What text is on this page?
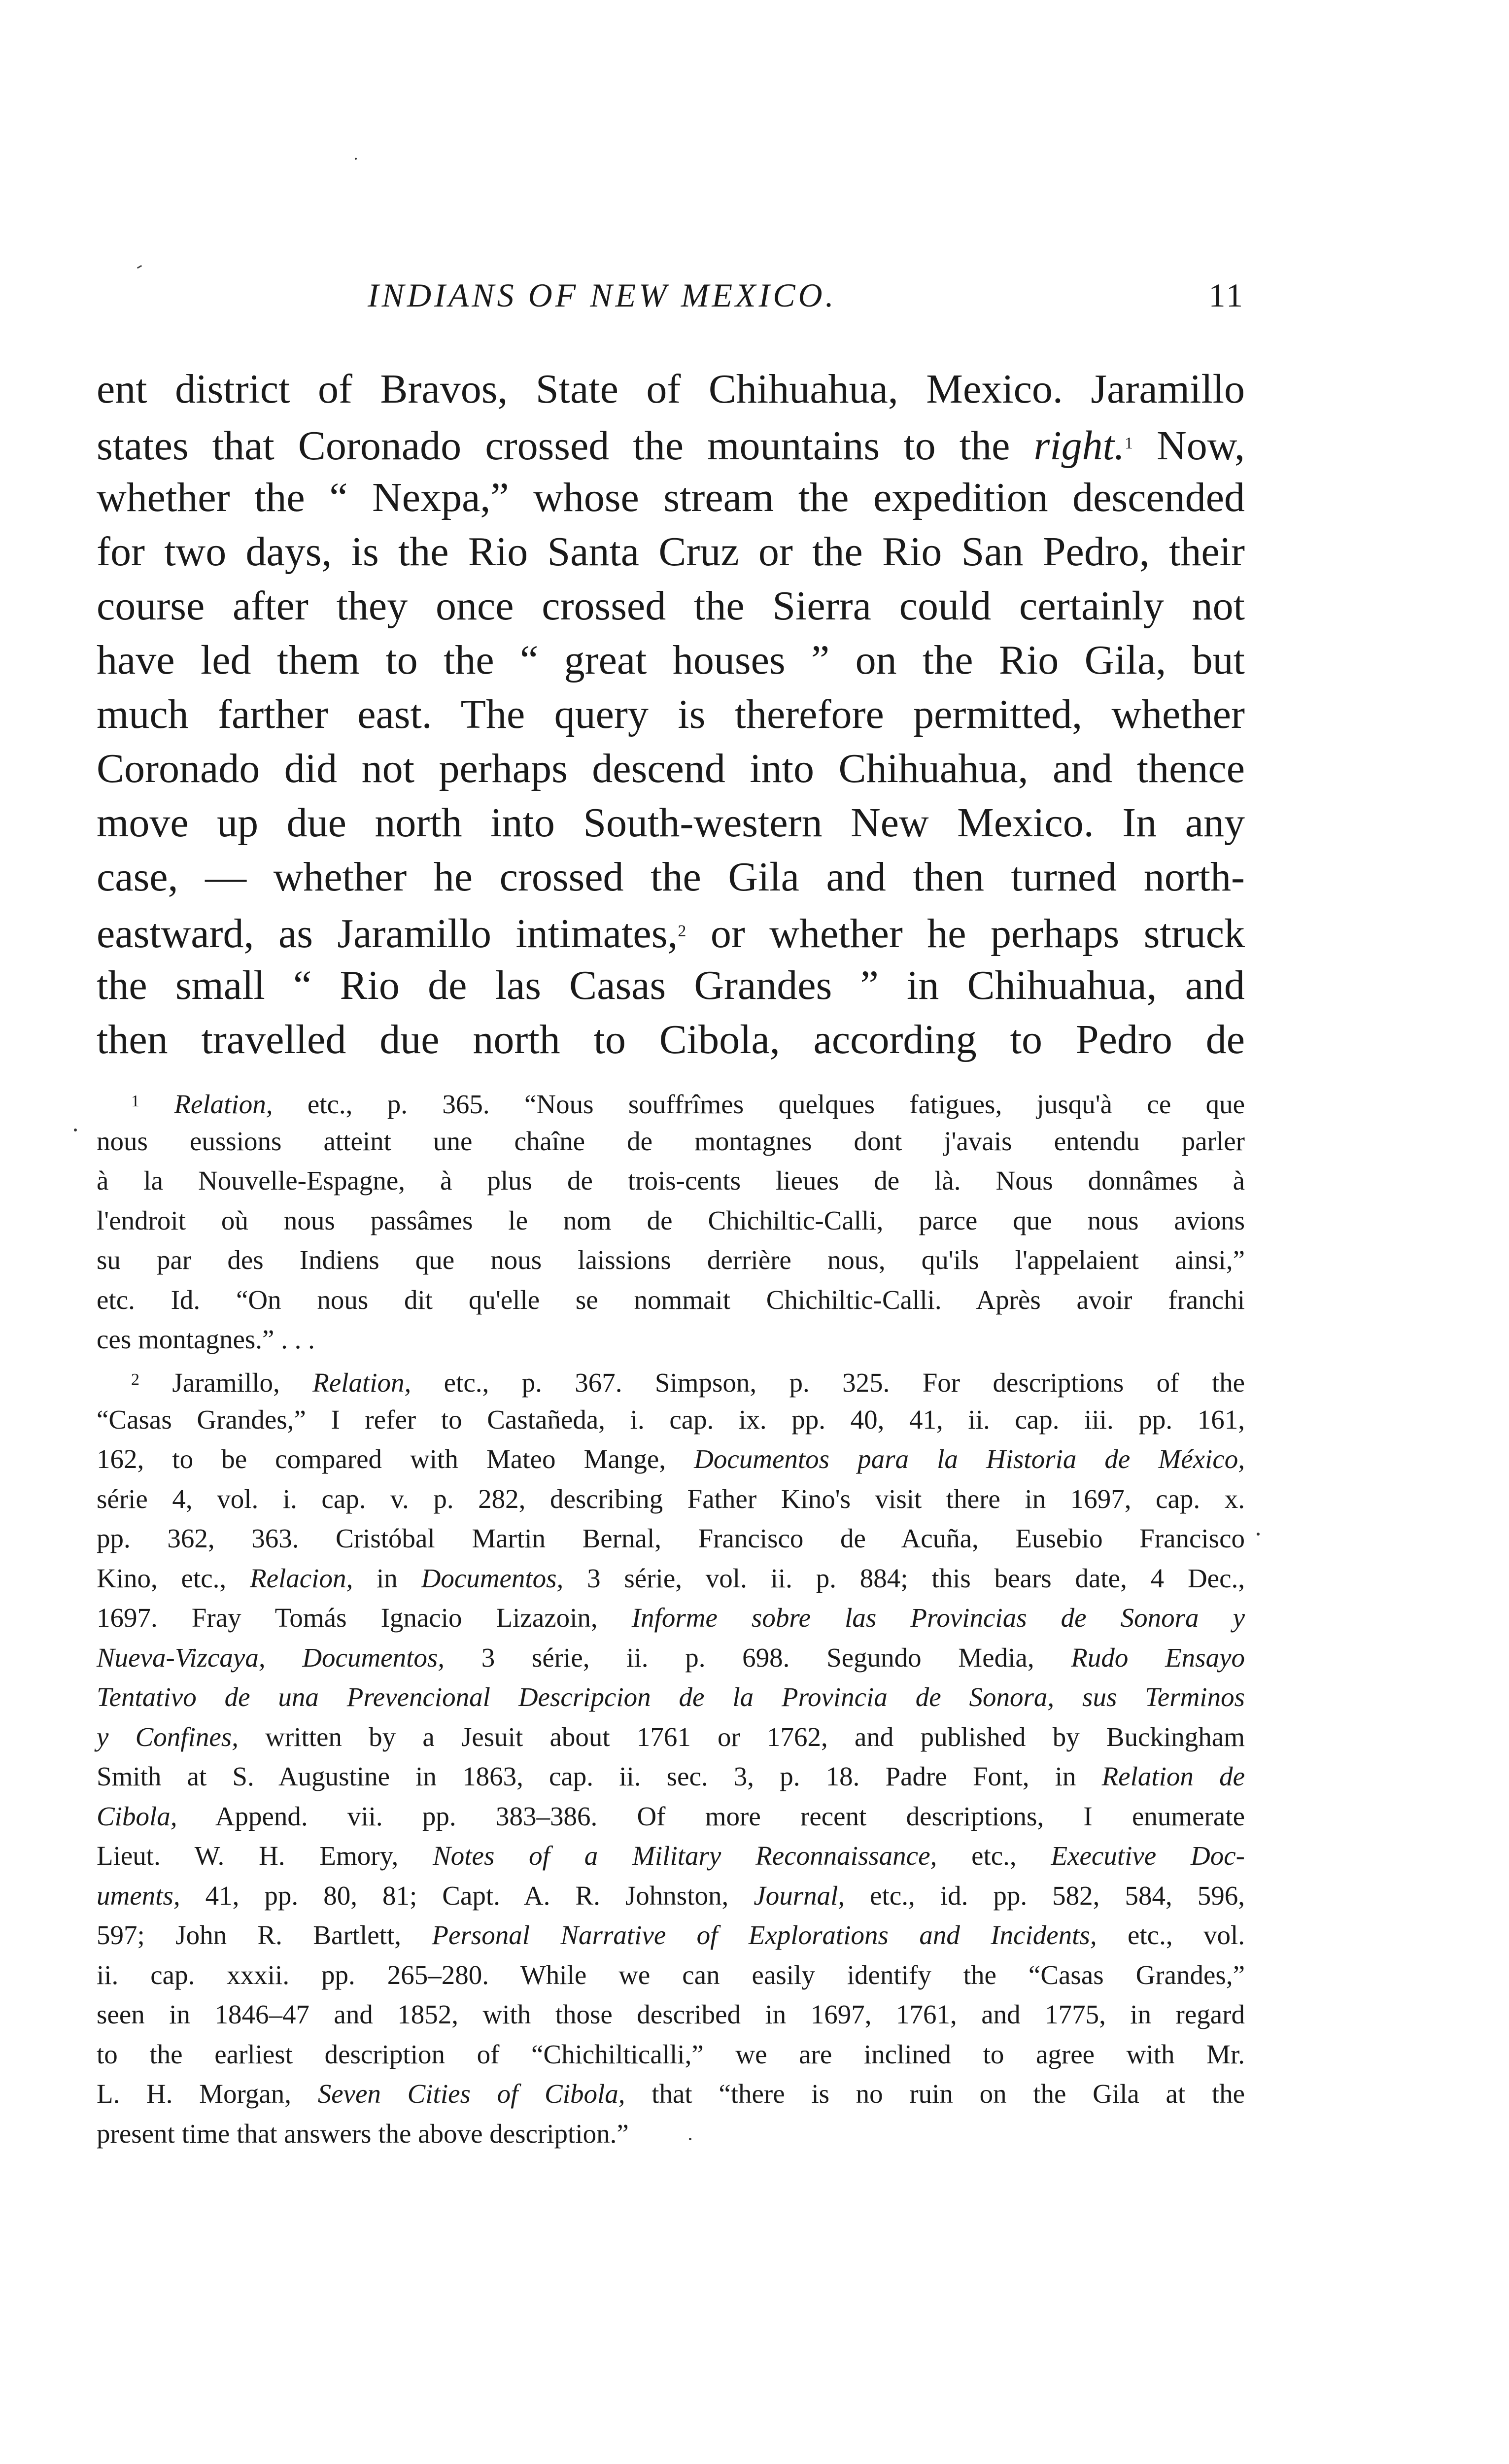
INDIANS OF NEW MEXICO.	11
ent district of Bravos, State of Chihuahua, Mexico. Jaramillo
states that Coronado crossed the mountains to the right.$^1$ Now,
whether the “ Nexpa,” whose stream the expedition descended
for two days, is the Rio Santa Cruz or the Rio San Pedro, their
course after they once crossed the Sierra could certainly not
have led them to the “ great houses ” on the Rio Gila, but
much farther east. The query is therefore permitted, whether
Coronado did not perhaps descend into Chihuahua, and thence
move up due north into South-western New Mexico. In any
case, — whether he crossed the Gila and then turned north-
eastward, as Jaramillo intimates,$^2$ or whether he perhaps struck
the small “ Rio de las Casas Grandes ” in Chihuahua, and
then travelled due north to Cibola, according to Pedro de
$^1$ Relation, etc., p. 365. “Nous souffrîmes quelques fatigues, jusqu'à ce que
nous eussions atteint une chaîne de montagnes dont j'avais entendu parler
à la Nouvelle-Espagne, à plus de trois-cents lieues de là. Nous donnâmes à
l'endroit où nous passâmes le nom de Chichiltic-Calli, parce que nous avions
su par des Indiens que nous laissions derrière nous, qu'ils l'appelaient ainsi,”
etc. Id. “On nous dit qu'elle se nommait Chichiltic-Calli. Après avoir franchi
ces montagnes.” . . .
$^2$ Jaramillo, Relation, etc., p. 367. Simpson, p. 325. For descriptions of the
“Casas Grandes,” I refer to Castañeda, i. cap. ix. pp. 40, 41, ii. cap. iii. pp. 161,
162, to be compared with Mateo Mange, Documentos para la Historia de México,
série 4, vol. i. cap. v. p. 282, describing Father Kino's visit there in 1697, cap. x.
pp. 362, 363. Cristóbal Martin Bernal, Francisco de Acuña, Eusebio Francisco
Kino, etc., Relacion, in Documentos, 3 série, vol. ii. p. 884; this bears date, 4 Dec.,
1697. Fray Tomás Ignacio Lizazoin, Informe sobre las Provincias de Sonora y
Nueva-Vizcaya, Documentos, 3 série, ii. p. 698. Segundo Media, Rudo Ensayo
Tentativo de una Prevencional Descripcion de la Provincia de Sonora, sus Terminos
y Confines, written by a Jesuit about 1761 or 1762, and published by Buckingham
Smith at S. Augustine in 1863, cap. ii. sec. 3, p. 18. Padre Font, in Relation de
Cibola, Append. vii. pp. 383–386. Of more recent descriptions, I enumerate
Lieut. W. H. Emory, Notes of a Military Reconnaissance, etc., Executive Doc-
uments, 41, pp. 80, 81; Capt. A. R. Johnston, Journal, etc., id. pp. 582, 584, 596,
597; John R. Bartlett, Personal Narrative of Explorations and Incidents, etc., vol.
ii. cap. xxxii. pp. 265–280. While we can easily identify the “Casas Grandes,”
seen in 1846–47 and 1852, with those described in 1697, 1761, and 1775, in regard
to the earliest description of “Chichilticalli,” we are inclined to agree with Mr.
L. H. Morgan, Seven Cities of Cibola, that “there is no ruin on the Gila at the
present time that answers the above description.”
